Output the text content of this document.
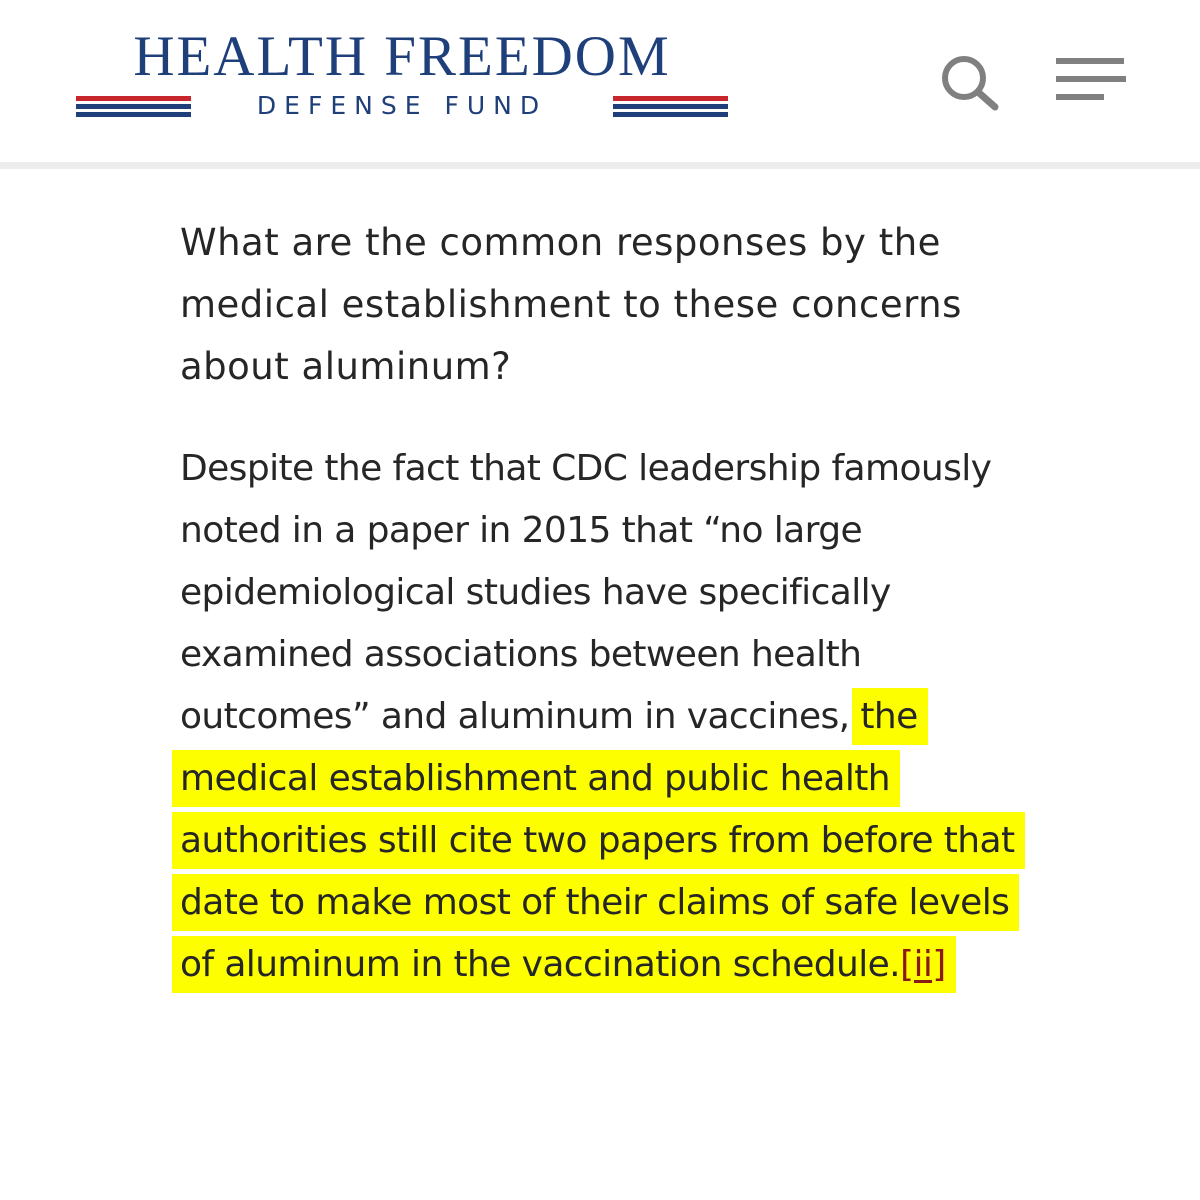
HEALTH FREEDOM
DEFENSE FUND
What are the common responses by the medical establishment to these concerns about aluminum?

Despite the fact that CDC leadership famously noted in a paper in 2015 that “no large epidemiological studies have specifically examined associations between health outcomes” and aluminum in vaccines, the medical establishment and public health authorities still cite two papers from before that date to make most of their claims of safe levels of aluminum in the vaccination schedule.[ii]
